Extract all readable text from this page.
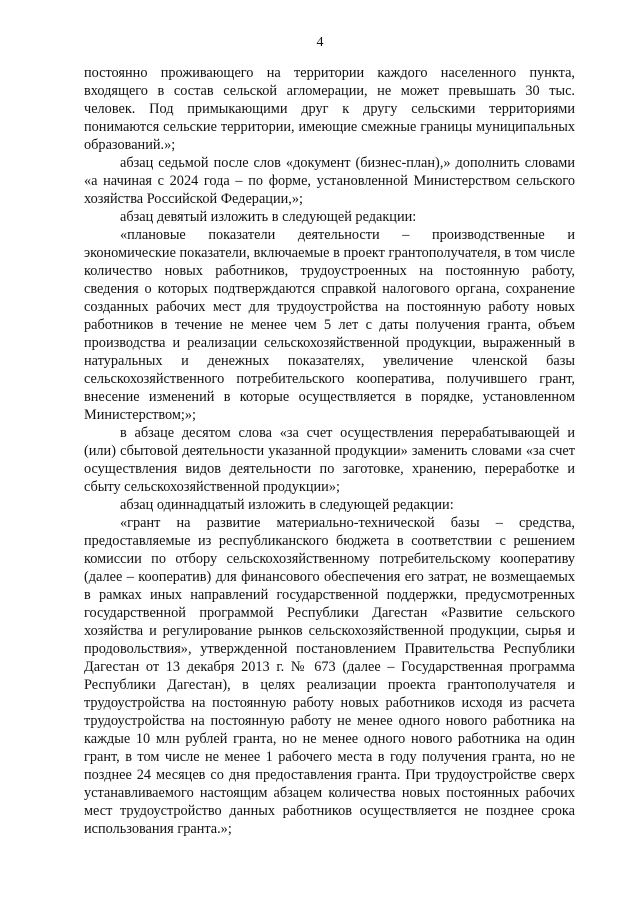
4

постоянно проживающего на территории каждого населенного пункта, входящего в состав сельской агломерации, не может превышать 30 тыс. человек. Под примыкающими друг к другу сельскими территориями понимаются сельские территории, имеющие смежные границы муниципальных образований.»;

абзац седьмой после слов «документ (бизнес-план),» дополнить словами «а начиная с 2024 года – по форме, установленной Министерством сельского хозяйства Российской Федерации,»;

абзац девятый изложить в следующей редакции:

«плановые показатели деятельности – производственные и экономические показатели, включаемые в проект грантополучателя, в том числе количество новых работников, трудоустроенных на постоянную работу, сведения о которых подтверждаются справкой налогового органа, сохранение созданных рабочих мест для трудоустройства на постоянную работу новых работников в течение не менее чем 5 лет с даты получения гранта, объем производства и реализации сельскохозяйственной продукции, выраженный в натуральных и денежных показателях, увеличение членской базы сельскохозяйственного потребительского кооператива, получившего грант, внесение изменений в которые осуществляется в порядке, установленном Министерством;»;

в абзаце десятом слова «за счет осуществления перерабатывающей и (или) сбытовой деятельности указанной продукции» заменить словами «за счет осуществления видов деятельности по заготовке, хранению, переработке и сбыту сельскохозяйственной продукции»;

абзац одиннадцатый изложить в следующей редакции:

«грант на развитие материально-технической базы – средства, предоставляемые из республиканского бюджета в соответствии с решением комиссии по отбору сельскохозяйственному потребительскому кооперативу (далее – кооператив) для финансового обеспечения его затрат, не возмещаемых в рамках иных направлений государственной поддержки, предусмотренных государственной программой Республики Дагестан «Развитие сельского хозяйства и регулирование рынков сельскохозяйственной продукции, сырья и продовольствия», утвержденной постановлением Правительства Республики Дагестан от 13 декабря 2013 г. № 673 (далее – Государственная программа Республики Дагестан), в целях реализации проекта грантополучателя и трудоустройства на постоянную работу новых работников исходя из расчета трудоустройства на постоянную работу не менее одного нового работника на каждые 10 млн рублей гранта, но не менее одного нового работника на один грант, в том числе не менее 1 рабочего места в году получения гранта, но не позднее 24 месяцев со дня предоставления гранта. При трудоустройстве сверх устанавливаемого настоящим абзацем количества новых постоянных рабочих мест трудоустройство данных работников осуществляется не позднее срока использования гранта.»;
